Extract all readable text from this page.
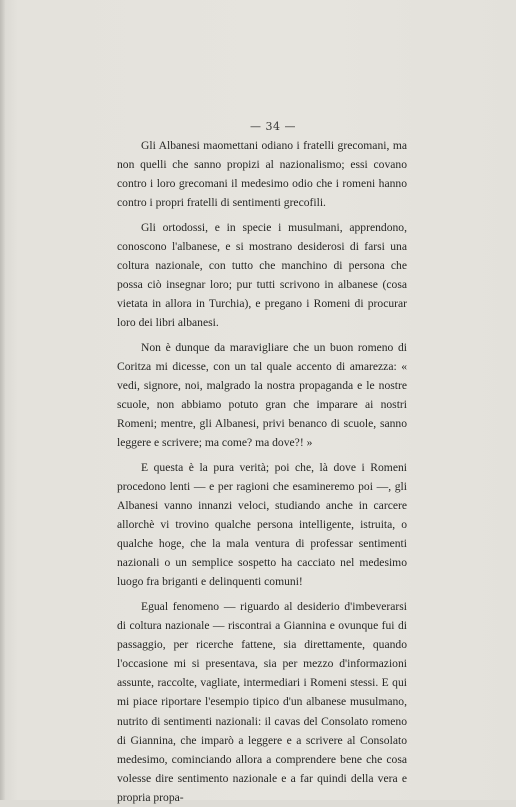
— 34 —

Gli Albanesi maomettani odiano i fratelli grecomani, ma non quelli che sanno propizi al nazionalismo; essi covano contro i loro grecomani il medesimo odio che i romeni hanno contro i propri fratelli di sentimenti grecofili.

Gli ortodossi, e in specie i musulmani, apprendono, conoscono l'albanese, e si mostrano desiderosi di farsi una coltura nazionale, con tutto che manchino di persona che possa ciò insegnar loro; pur tutti scrivono in albanese (cosa vietata in allora in Turchia), e pregano i Romeni di procurar loro dei libri albanesi.

Non è dunque da maravigliare che un buon romeno di Coritza mi dicesse, con un tal quale accento di amarezza: « vedi, signore, noi, malgrado la nostra propaganda e le nostre scuole, non abbiamo potuto gran che imparare ai nostri Romeni; mentre, gli Albanesi, privi benanco di scuole, sanno leggere e scrivere; ma come? ma dove?! »

E questa è la pura verità; poi che, là dove i Romeni procedono lenti — e per ragioni che esamineremo poi —, gli Albanesi vanno innanzi veloci, studiando anche in carcere allorchè vi trovino qualche persona intelligente, istruita, o qualche hoge, che la mala ventura di professar sentimenti nazionali o un semplice sospetto ha cacciato nel medesimo luogo fra briganti e delinquenti comuni!

Egual fenomeno — riguardo al desiderio d'imbeverarsi di coltura nazionale — riscontrai a Giannina e ovunque fui di passaggio, per ricerche fattene, sia direttamente, quando l'occasione mi si presentava, sia per mezzo d'informazioni assunte, raccolte, vagliate, intermediari i Romeni stessi. E qui mi piace riportare l'esempio tipico d'un albanese musulmano, nutrito di sentimenti nazionali: il cavas del Consolato romeno di Giannina, che imparò a leggere e a scrivere al Consolato medesimo, cominciando allora a comprendere bene che cosa volesse dire sentimento nazionale e a far quindi della vera e propria propa-
